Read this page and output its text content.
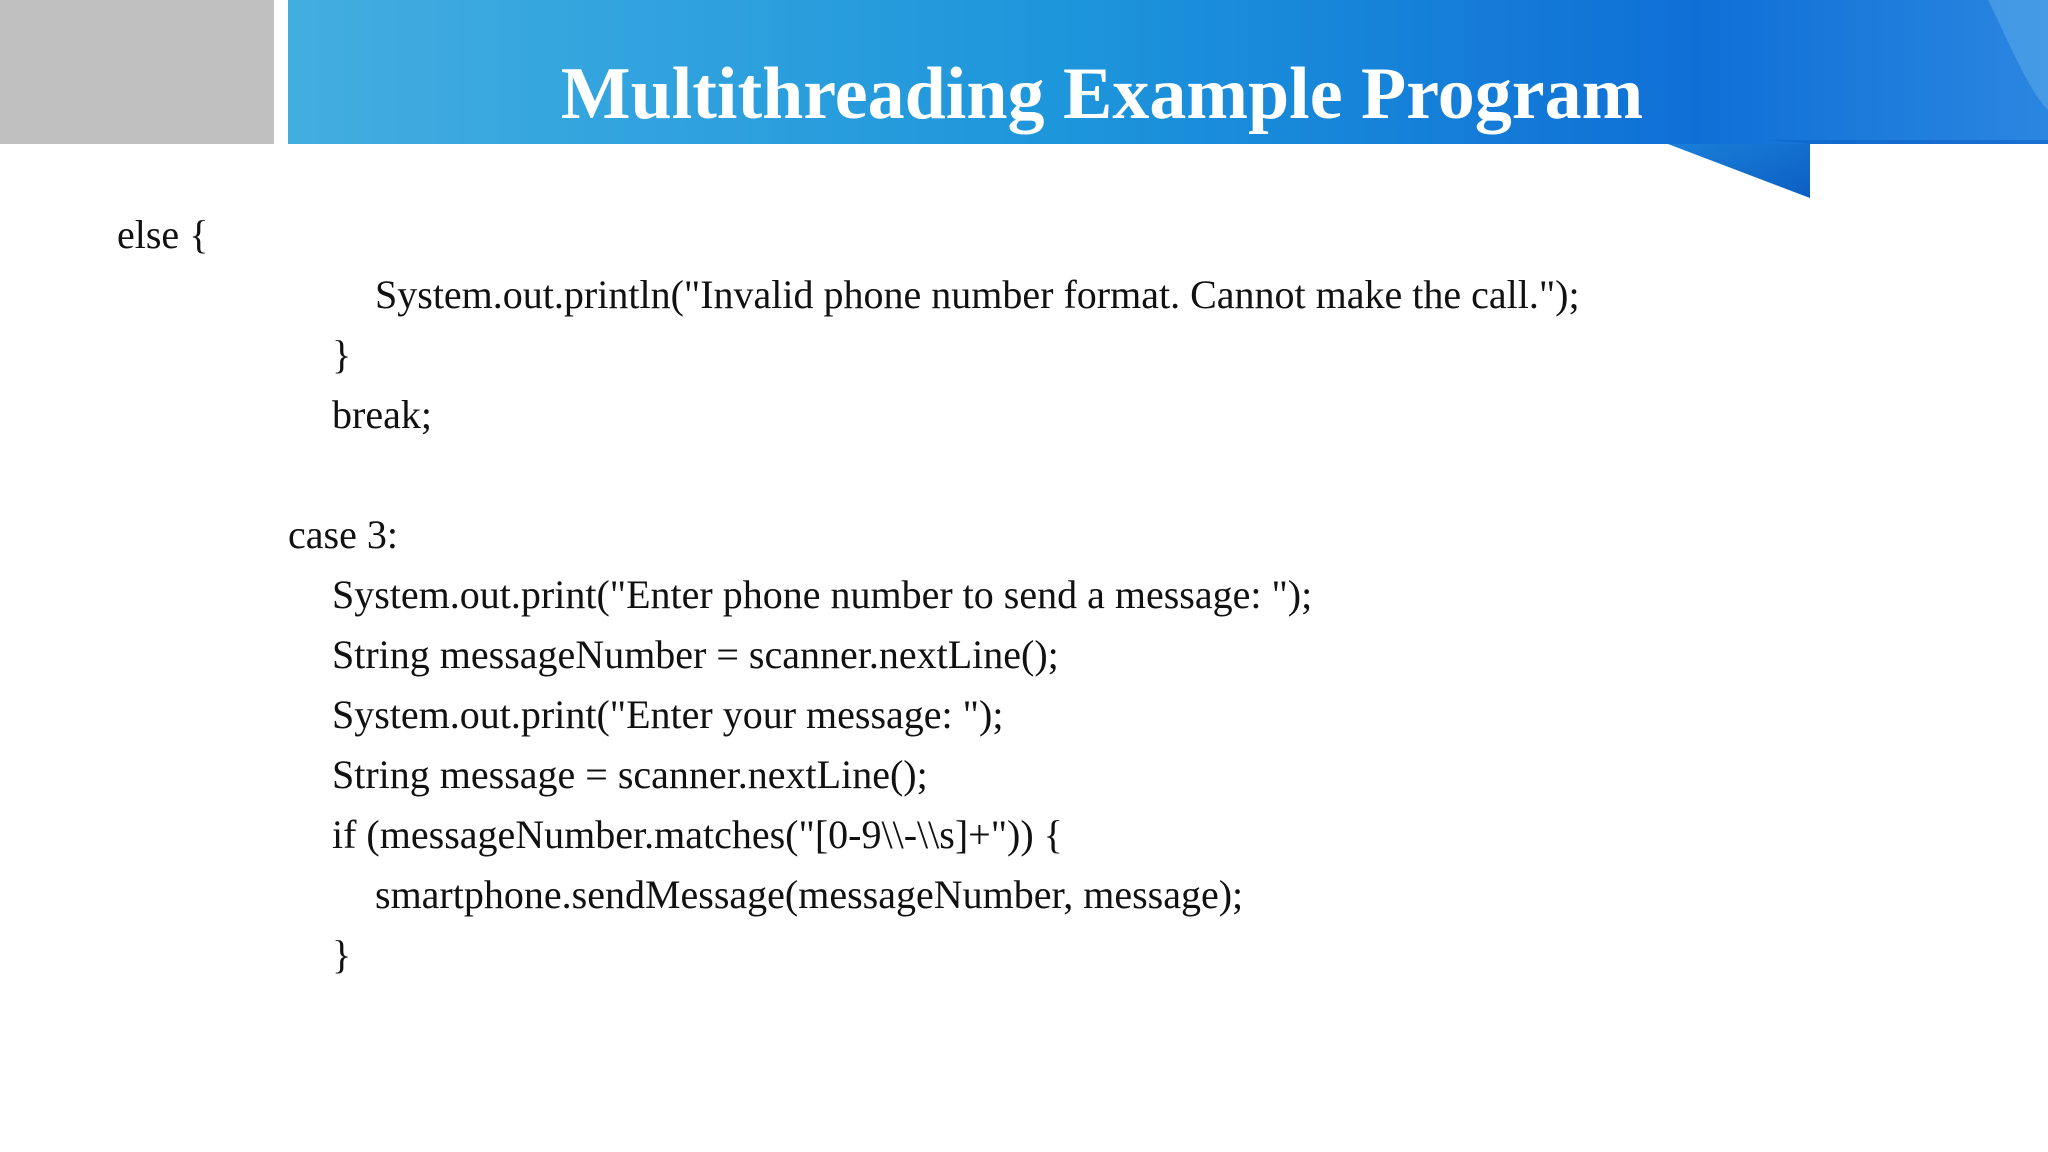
Multithreading Example Program
else {
System.out.println("Invalid phone number format. Cannot make the call.");
}
break;
case 3:
System.out.print("Enter phone number to send a message: ");
String messageNumber = scanner.nextLine();
System.out.print("Enter your message: ");
String message = scanner.nextLine();
if (messageNumber.matches("[0-9\\-\\s]+")) {
smartphone.sendMessage(messageNumber, message);
}
